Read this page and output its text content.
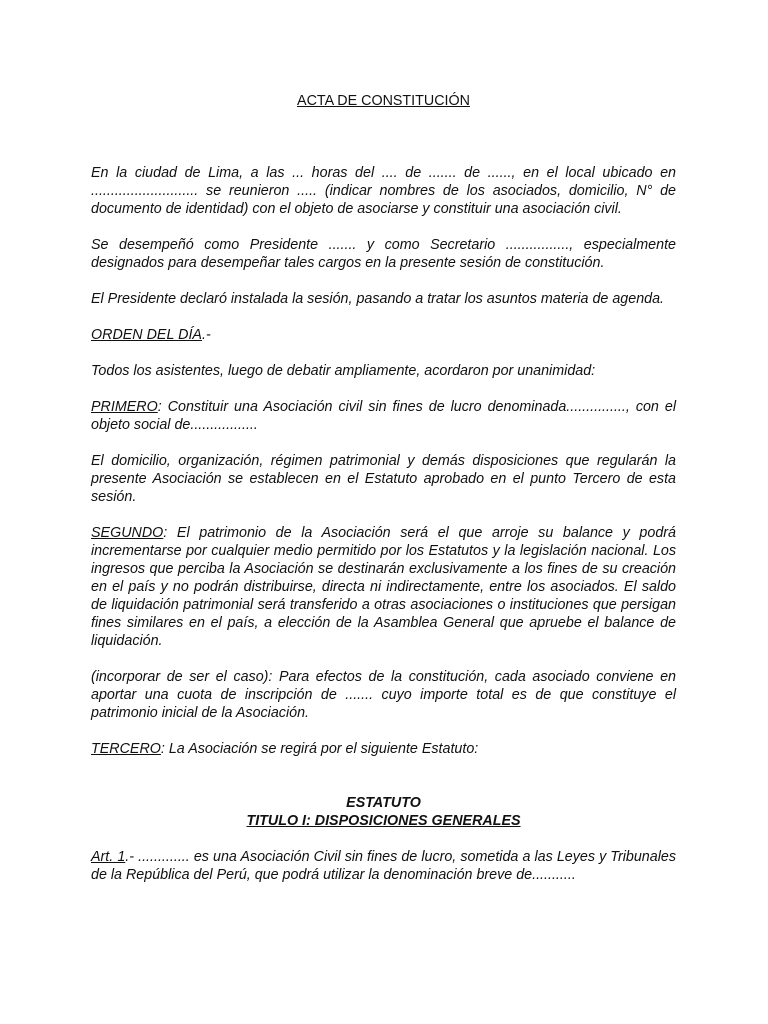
ACTA DE CONSTITUCIÓN

En la ciudad de Lima, a las ... horas del .... de ....... de ......, en el local ubicado en ........................... se reunieron ..... (indicar nombres de los asociados, domicilio, N° de documento de identidad) con el objeto de asociarse y constituir una asociación civil.

Se desempeñó como Presidente ....... y como Secretario ................, especialmente designados para desempeñar tales cargos en la presente sesión de constitución.

El Presidente declaró instalada la sesión, pasando a tratar los asuntos materia de agenda.

ORDEN DEL DÍA.-

Todos los asistentes, luego de debatir ampliamente, acordaron por unanimidad:

PRIMERO: Constituir una Asociación civil sin fines de lucro denominada..............., con el objeto social de.................

El domicilio, organización, régimen patrimonial y demás disposiciones que regularán la presente Asociación se establecen en el Estatuto aprobado en el punto Tercero de esta sesión.

SEGUNDO: El patrimonio de la Asociación será el que arroje su balance y podrá incrementarse por cualquier medio permitido por los Estatutos y la legislación nacional. Los ingresos que perciba la Asociación se destinarán exclusivamente a los fines de su creación en el país y no podrán distribuirse, directa ni indirectamente, entre los asociados. El saldo de liquidación patrimonial será transferido a otras asociaciones o instituciones que persigan fines similares en el país, a elección de la Asamblea General que apruebe el balance de liquidación.

(incorporar de ser el caso): Para efectos de la constitución, cada asociado conviene en aportar una cuota de inscripción de ....... cuyo importe total es de que constituye el patrimonio inicial de la Asociación.

TERCERO: La Asociación se regirá por el siguiente Estatuto:

ESTATUTO

TITULO I: DISPOSICIONES GENERALES

Art. 1.- ............. es una Asociación Civil sin fines de lucro, sometida a las Leyes y Tribunales de la República del Perú, que podrá utilizar la denominación breve de...........
